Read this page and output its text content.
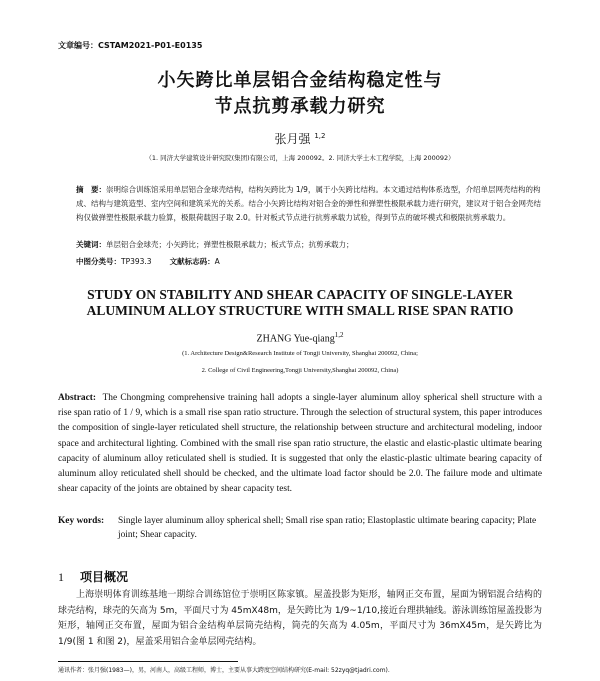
文章编号：CSTAM2021-P01-E0135
小矢跨比单层铝合金结构稳定性与
节点抗剪承载力研究
张月强 $^{1,2}$
（1. 同济大学建筑设计研究院(集团)有限公司，上海 200092。2. 同济大学土木工程学院，上海 200092）
摘　要：崇明综合训练馆采用单层铝合金球壳结构，结构矢跨比为 1/9，属于小矢跨比结构。本文通过结构体系选型，介绍单层网壳结构的构成、结构与建筑造型、室内空间和建筑采光的关系。结合小矢跨比结构对铝合金的弹性和弹塑性极限承载力进行研究，建议对于铝合金网壳结构仅做弹塑性极限承载力验算，极限荷载因子取 2.0。针对板式节点进行抗剪承载力试验，得到节点的破坏模式和极限抗剪承载力。
关键词：单层铝合金球壳；小矢跨比；弹塑性极限承载力；板式节点；抗剪承载力；
中图分类号：TP393.3 文献标志码：A
STUDY ON STABILITY AND SHEAR CAPACITY OF SINGLE-LAYER
ALUMINUM ALLOY STRUCTURE WITH SMALL RISE SPAN RATIO
ZHANG Yue-qiang$^{1,2}$
(1. Architecture Design&Research Institute of Tongji University, Shanghai 200092, China;
2. College of Civil Engineering,Tongji University,Shanghai 200092, China)
Abstract: The Chongming comprehensive training hall adopts a single-layer aluminum alloy spherical shell structure with a rise span ratio of 1 / 9, which is a small rise span ratio structure. Through the selection of structural system, this paper introduces the composition of single-layer reticulated shell structure, the relationship between structure and architectural modeling, indoor space and architectural lighting. Combined with the small rise span ratio structure, the elastic and elastic-plastic ultimate bearing capacity of aluminum alloy reticulated shell is studied. It is suggested that only the elastic-plastic ultimate bearing capacity of aluminum alloy reticulated shell should be checked, and the ultimate load factor should be 2.0. The failure mode and ultimate shear capacity of the joints are obtained by shear capacity test.
Key words:	Single layer aluminum alloy spherical shell; Small rise span ratio; Elastoplastic ultimate bearing capacity; Plate joint; Shear capacity.
1 项目概况
上海崇明体育训练基地一期综合训练馆位于崇明区陈家镇。屋盖投影为矩形，轴网正交布置，屋面为钢铝混合结构的球壳结构，球壳的矢高为 5m，平面尺寸为 45mX48m，是矢跨比为 1/9~1/10,接近台理拱轴线。游泳训练馆屋盖投影为矩形，轴网正交布置，屋面为铝合金结构单层筒壳结构，筒壳的矢高为 4.05m，平面尺寸为 36mX45m，是矢跨比为 1/9(图 1 和图 2)，屋盖采用铝合金单层网壳结构。
通讯作者：张月强(1983—)，男，河南人，高级工程师，博士，主要从事大跨度空间结构研究(E-mail: 52zyq@tjadri.com).
